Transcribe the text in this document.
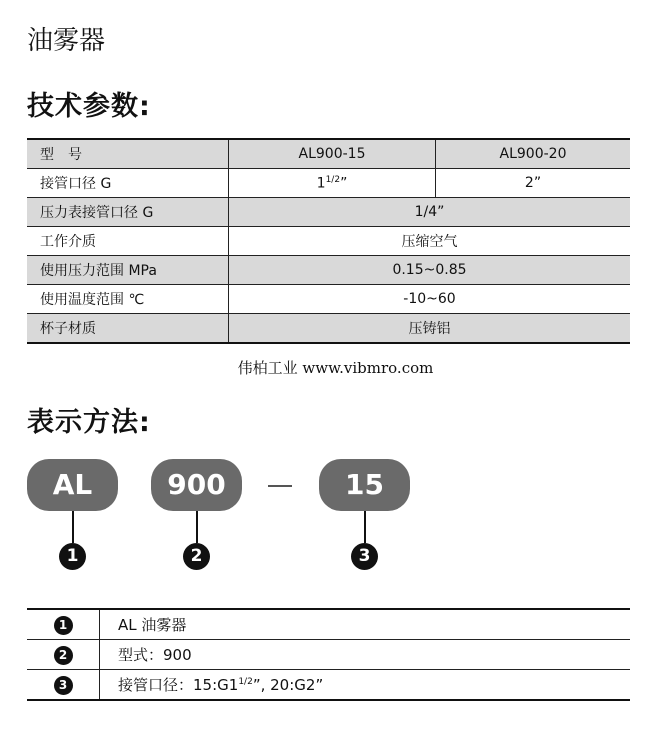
油雾器
技术参数:
型　号	AL900-15	AL900-20
接管口径 G	$1^{1/2}$”	2”
压力表接管口径 G	1/4”	
工作介质	压缩空气	
使用压力范围 MPa	0.15~0.85	
使用温度范围 ℃	-10~60	
杯子材质	压铸铝	
伟柏工业 www.vibmro.com
表示方法:
AL	900	15
1	2	3
1	AL 油雾器
2	型式：900
3	接管口径：$15:G1^{1/2}$”, 20:G2”
